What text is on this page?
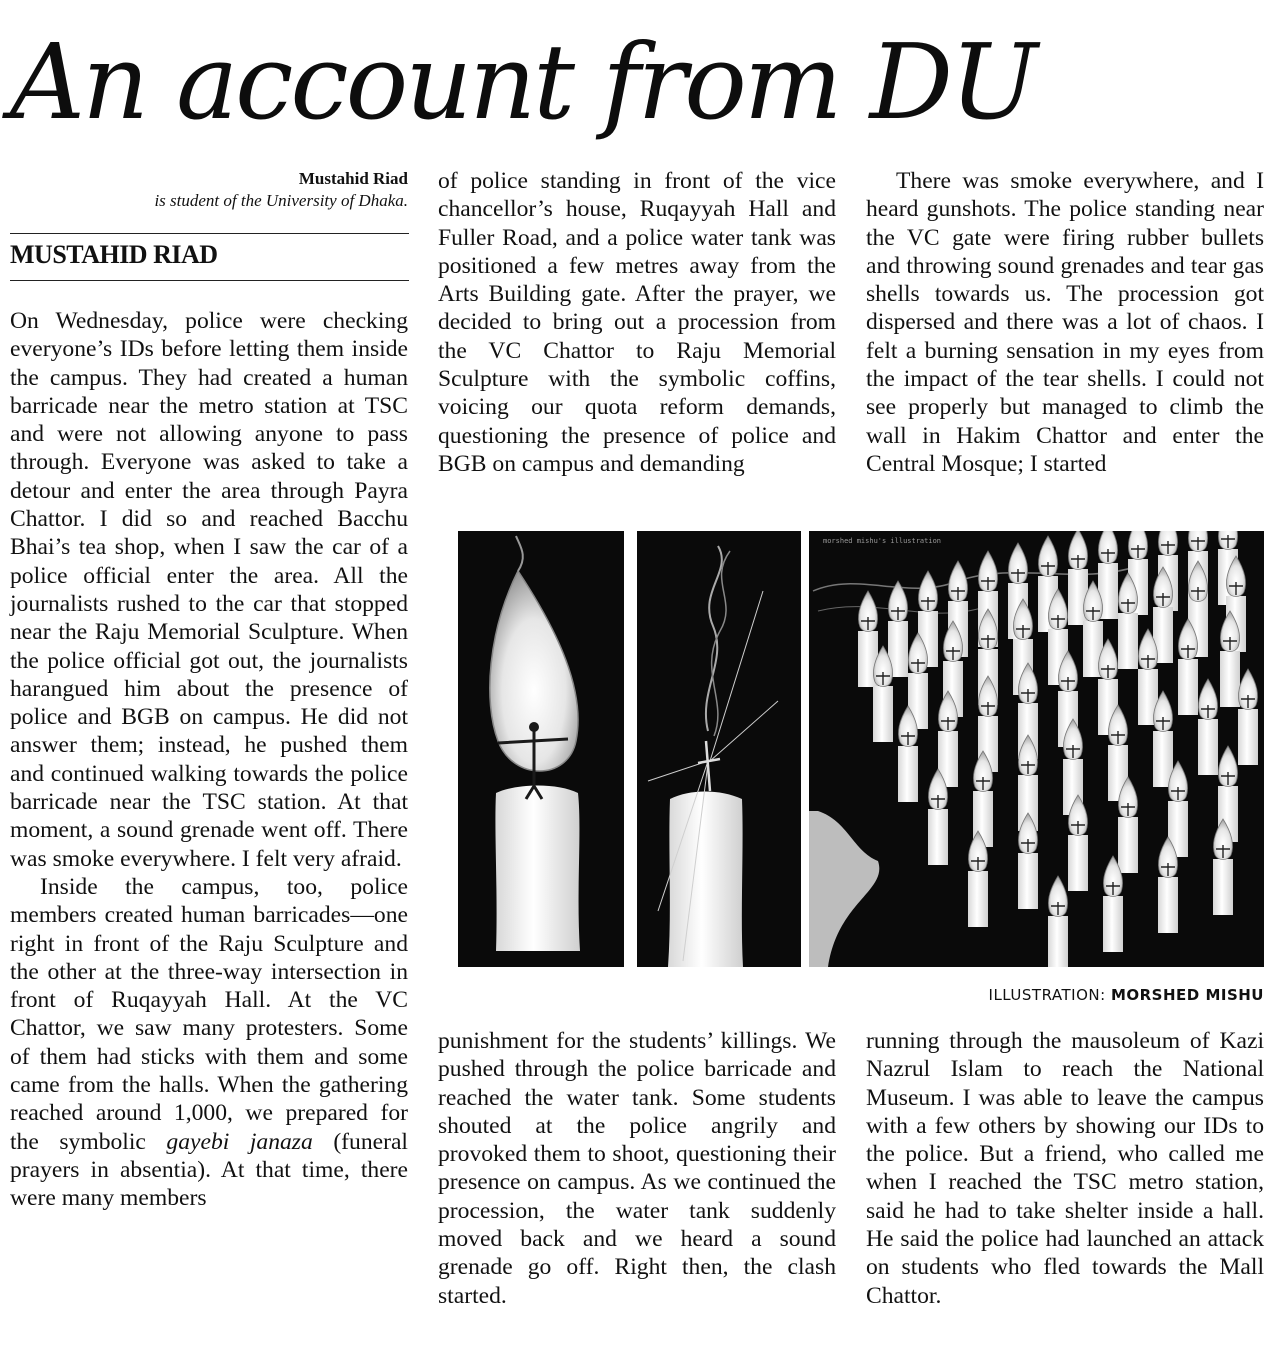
An account from DU
Mustahid Riad
is student of the University of Dhaka.
MUSTAHID RIAD

On Wednesday, police were checking everyone’s IDs before letting them inside the campus. They had created a human barricade near the metro station at TSC and were not allowing anyone to pass through. Everyone was asked to take a detour and enter the area through Payra Chattor. I did so and reached Bacchu Bhai’s tea shop, when I saw the car of a police official enter the area. All the journalists rushed to the car that stopped near the Raju Memorial Sculpture. When the police official got out, the journalists harangued him about the presence of police and BGB on campus. He did not answer them; instead, he pushed them and continued walking towards the police barricade near the TSC station. At that moment, a sound grenade went off. There was smoke everywhere. I felt very afraid.

Inside the campus, too, police members created human barricades—one right in front of the Raju Sculpture and the other at the three-way intersection in front of Ruqayyah Hall. At the VC Chattor, we saw many protesters. Some of them had sticks with them and some came from the halls. When the gathering reached around 1,000, we prepared for the symbolic gayebi janaza (funeral prayers in absentia). At that time, there were many members

of police standing in front of the vice chancellor’s house, Ruqayyah Hall and Fuller Road, and a police water tank was positioned a few metres away from the Arts Building gate. After the prayer, we decided to bring out a procession from the VC Chattor to Raju Memorial Sculpture with the symbolic coffins, voicing our quota reform demands, questioning the presence of police and BGB on campus and demanding

There was smoke everywhere, and I heard gunshots. The police standing near the VC gate were firing rubber bullets and throwing sound grenades and tear gas shells towards us. The procession got dispersed and there was a lot of chaos. I felt a burning sensation in my eyes from the impact of the tear shells. I could not see properly but managed to climb the wall in Hakim Chattor and enter the Central Mosque; I started

morshed mishu's illustration
ILLUSTRATION: MORSHED MISHU

punishment for the students’ killings. We pushed through the police barricade and reached the water tank. Some students shouted at the police angrily and provoked them to shoot, questioning their presence on campus. As we continued the procession, the water tank suddenly moved back and we heard a sound grenade go off. Right then, the clash started.

running through the mausoleum of Kazi Nazrul Islam to reach the National Museum. I was able to leave the campus with a few others by showing our IDs to the police. But a friend, who called me when I reached the TSC metro station, said he had to take shelter inside a hall. He said the police had launched an attack on students who fled towards the Mall Chattor.
